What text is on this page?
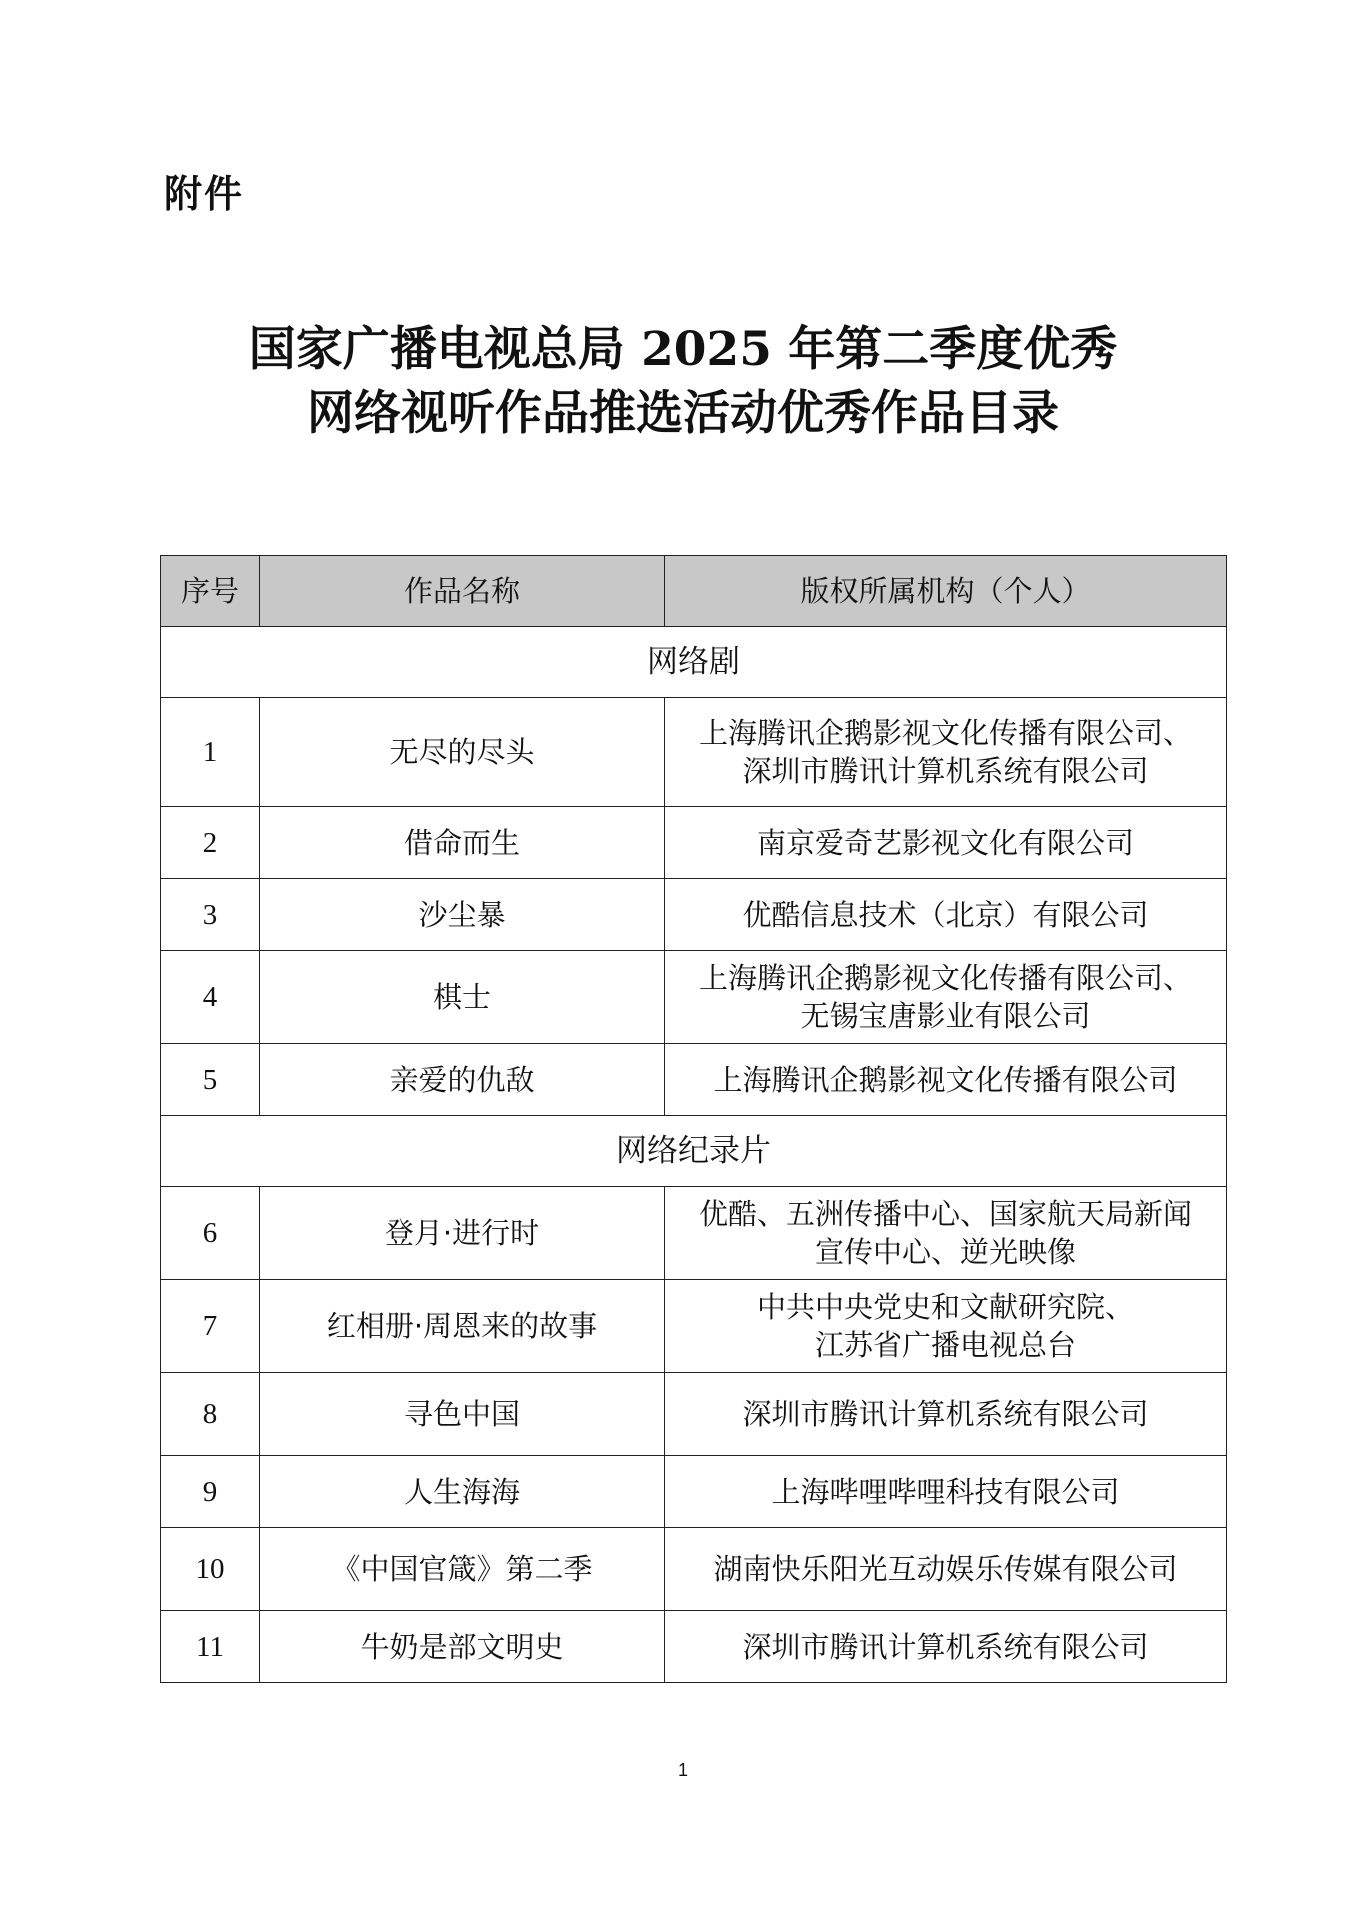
附件
国家广播电视总局 2025 年第二季度优秀
网络视听作品推选活动优秀作品目录
序号	作品名称	版权所属机构（个人）
网络剧		
1	无尽的尽头	上海腾讯企鹅影视文化传播有限公司、
深圳市腾讯计算机系统有限公司

2	借命而生	南京爱奇艺影视文化有限公司

3	沙尘暴	优酷信息技术（北京）有限公司

4	棋士	上海腾讯企鹅影视文化传播有限公司、
无锡宝唐影业有限公司

5	亲爱的仇敌	上海腾讯企鹅影视文化传播有限公司

网络纪录片		
6	登月·进行时	优酷、五洲传播中心、国家航天局新闻
宣传中心、逆光映像

7	红相册·周恩来的故事	中共中央党史和文献研究院、
江苏省广播电视总台

8	寻色中国	深圳市腾讯计算机系统有限公司

9	人生海海	上海哔哩哔哩科技有限公司

10	《中国官箴》第二季	湖南快乐阳光互动娱乐传媒有限公司

11	牛奶是部文明史	深圳市腾讯计算机系统有限公司
1
